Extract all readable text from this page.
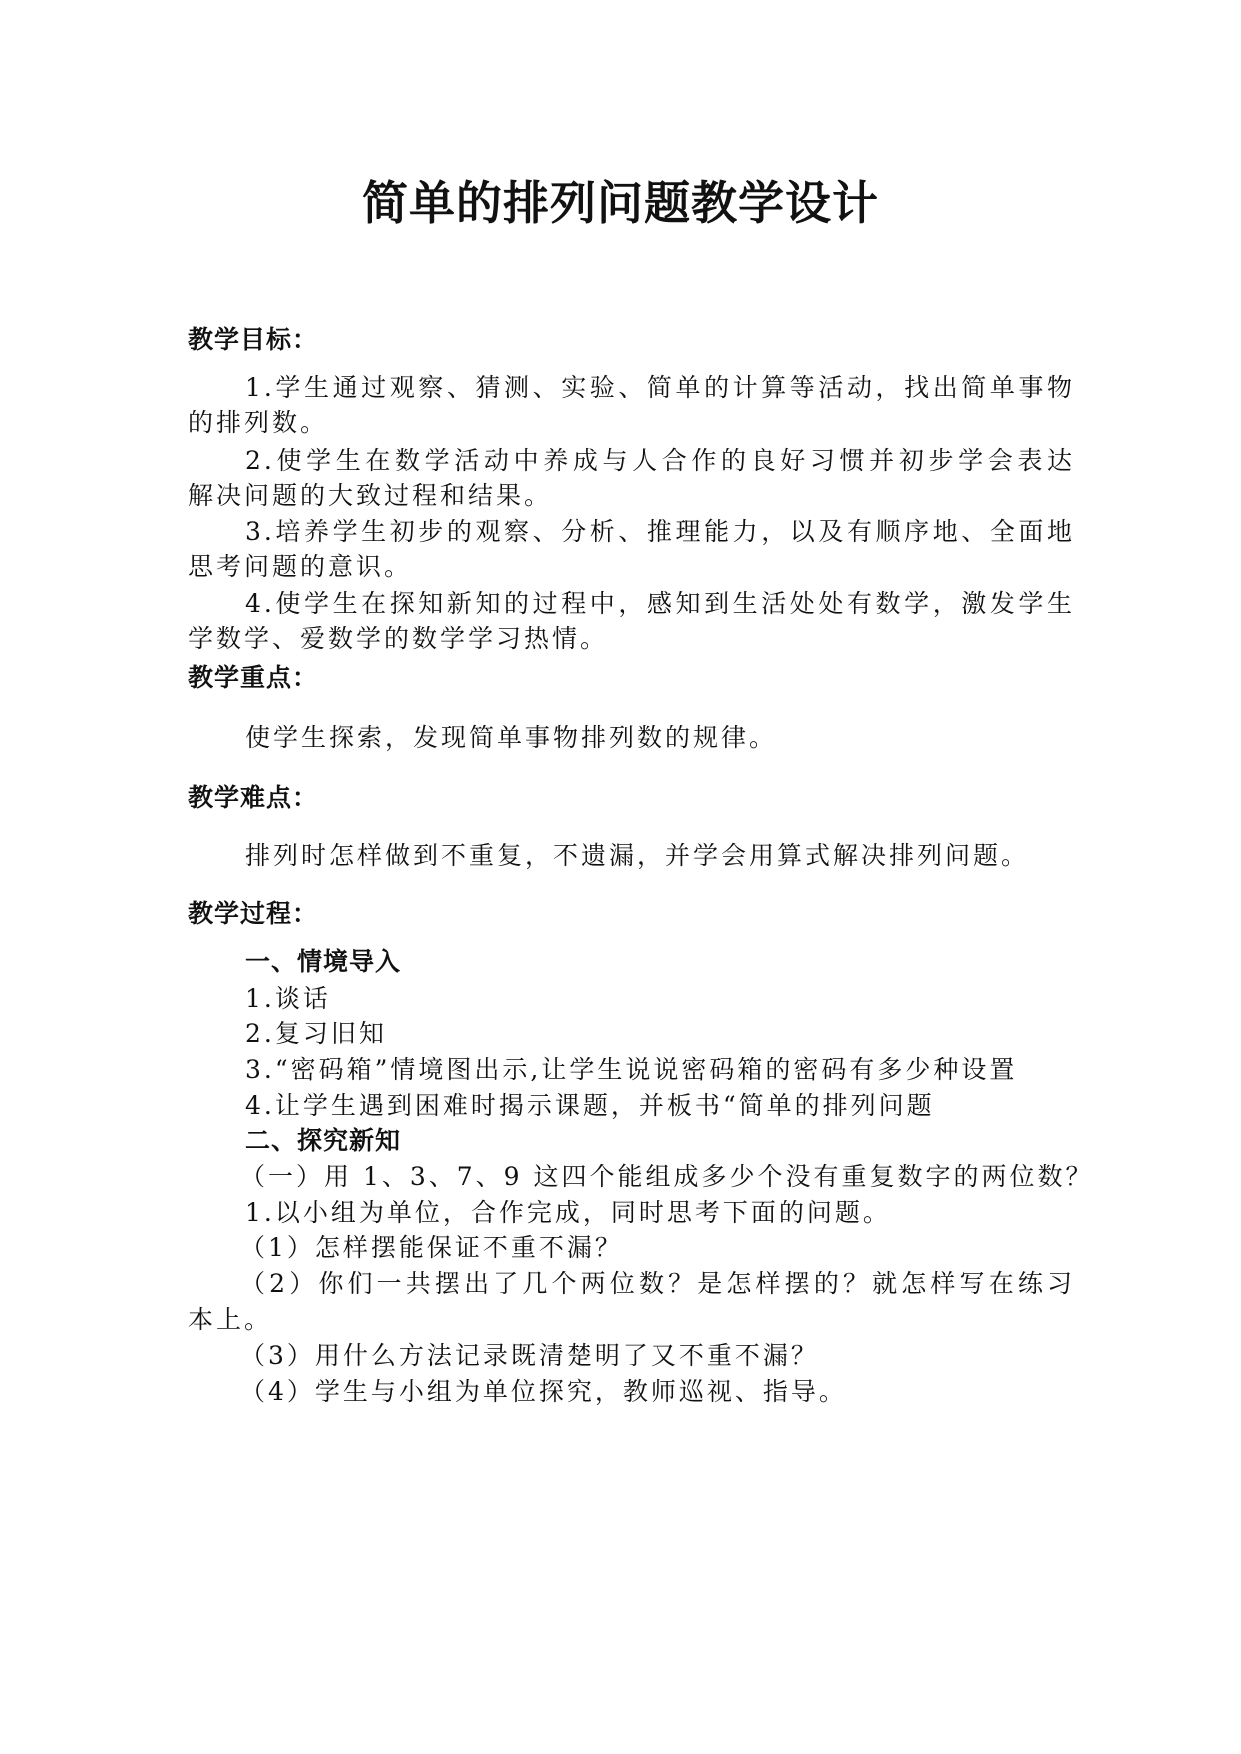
简单的排列问题教学设计

教学目标：

1.学生通过观察、猜测、实验、简单的计算等活动，找出简单事物

的排列数。

2.使学生在数学活动中养成与人合作的良好习惯并初步学会表达

解决问题的大致过程和结果。

3.培养学生初步的观察、分析、推理能力，以及有顺序地、全面地

思考问题的意识。

4.使学生在探知新知的过程中，感知到生活处处有数学，激发学生

学数学、爱数学的数学学习热情。

教学重点：

使学生探索，发现简单事物排列数的规律。

教学难点：

排列时怎样做到不重复，不遗漏，并学会用算式解决排列问题。

教学过程：

一、情境导入

1.谈话

2.复习旧知

3.“密码箱”情境图出示,让学生说说密码箱的密码有多少种设置

4.让学生遇到困难时揭示课题，并板书“简单的排列问题

二、探究新知

（一）用 1、3、7、9 这四个能组成多少个没有重复数字的两位数？

1.以小组为单位，合作完成，同时思考下面的问题。

（1）怎样摆能保证不重不漏？

（2）你们一共摆出了几个两位数？是怎样摆的？就怎样写在练习

本上。

（3）用什么方法记录既清楚明了又不重不漏？

（4）学生与小组为单位探究，教师巡视、指导。
